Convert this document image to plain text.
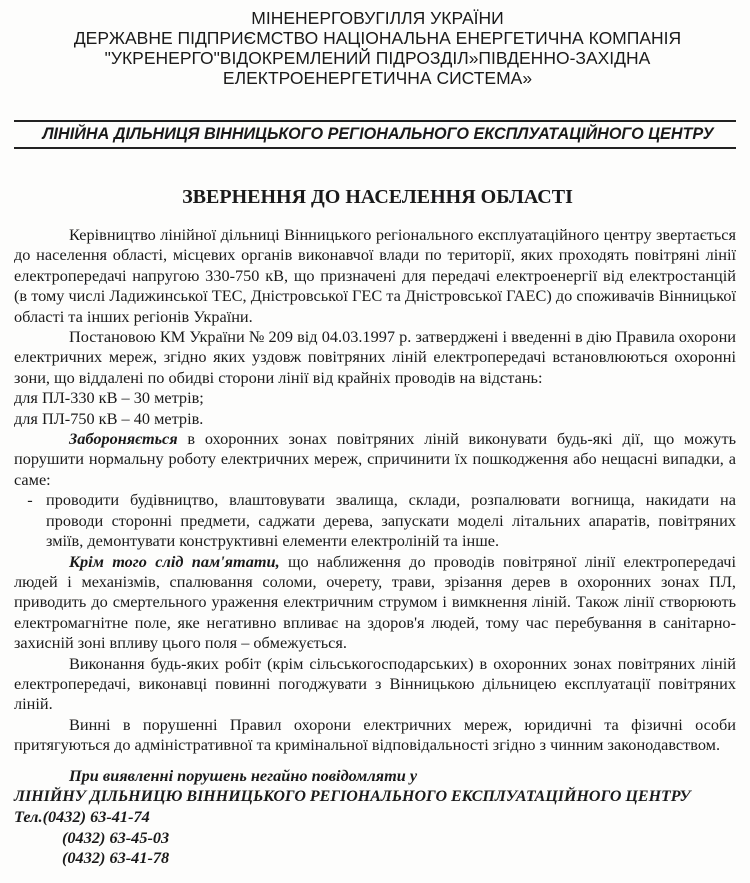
МІНЕНЕРГОВУГІЛЛЯ УКРАЇНИ
ДЕРЖАВНЕ ПІДПРИЄМСТВО НАЦІОНАЛЬНА ЕНЕРГЕТИЧНА КОМПАНІЯ
"УКРЕНЕРГО"ВІДОКРЕМЛЕНИЙ ПІДРОЗДІЛ»ПІВДЕННО-ЗАХІДНА
ЕЛЕКТРОЕНЕРГЕТИЧНА СИСТЕМА»
ЛІНІЙНА ДІЛЬНИЦЯ ВІННИЦЬКОГО РЕГІОНАЛЬНОГО ЕКСПЛУАТАЦІЙНОГО ЦЕНТРУ
ЗВЕРНЕННЯ ДО НАСЕЛЕННЯ ОБЛАСТІ

Керівництво лінійної дільниці Вінницького регіонального експлуатаційного центру звертається до населення області, місцевих органів виконавчої влади по території, яких проходять повітряні лінії електропередачі напругою 330-750 кВ, що призначені для передачі електроенергії від електростанцій (в тому числі Ладижинської ТЕС, Дністровської ГЕС та Дністровської ГАЕС) до споживачів Вінницької області та інших регіонів України.

Постановою КМ України № 209 від 04.03.1997 р. затверджені і введенні в дію Правила охорони електричних мереж, згідно яких уздовж повітряних ліній електропередачі встановлюються охоронні зони, що віддалені по обидві сторони лінії від крайніх проводів на відстань:

для ПЛ-330 кВ – 30 метрів;
для ПЛ-750 кВ – 40 метрів.

Забороняється в охоронних зонах повітряних ліній виконувати будь-які дії, що можуть порушити нормальну роботу електричних мереж, спричинити їх пошкодження або нещасні випадки, а саме:

- проводити будівництво, влаштовувати звалища, склади, розпалювати вогнища, накидати на проводи сторонні предмети, саджати дерева, запускати моделі літальних апаратів, повітряних зміїв, демонтувати конструктивні елементи електроліній та інше.

Крім того слід пам'ятати, що наближення до проводів повітряної лінії електропередачі людей і механізмів, спалювання соломи, очерету, трави, зрізання дерев в охоронних зонах ПЛ, приводить до смертельного ураження електричним струмом і вимкнення ліній. Також лінії створюють електромагнітне поле, яке негативно впливає на здоров'я людей, тому час перебування в санітарно-захисній зоні впливу цього поля – обмежується.

Виконання будь-яких робіт (крім сільськогосподарських) в охоронних зонах повітряних ліній електропередачі, виконавці повинні погоджувати з Вінницькою дільницею експлуатації повітряних ліній.

Винні в порушенні Правил охорони електричних мереж, юридичні та фізичні особи притягуються до адміністративної та кримінальної відповідальності згідно з чинним законодавством.

При виявленні порушень негайно повідомляти у
ЛІНІЙНУ ДІЛЬНИЦЮ ВІННИЦЬКОГО РЕГІОНАЛЬНОГО ЕКСПЛУАТАЦІЙНОГО ЦЕНТРУ
Тел.(0432) 63-41-74
(0432) 63-45-03
(0432) 63-41-78
